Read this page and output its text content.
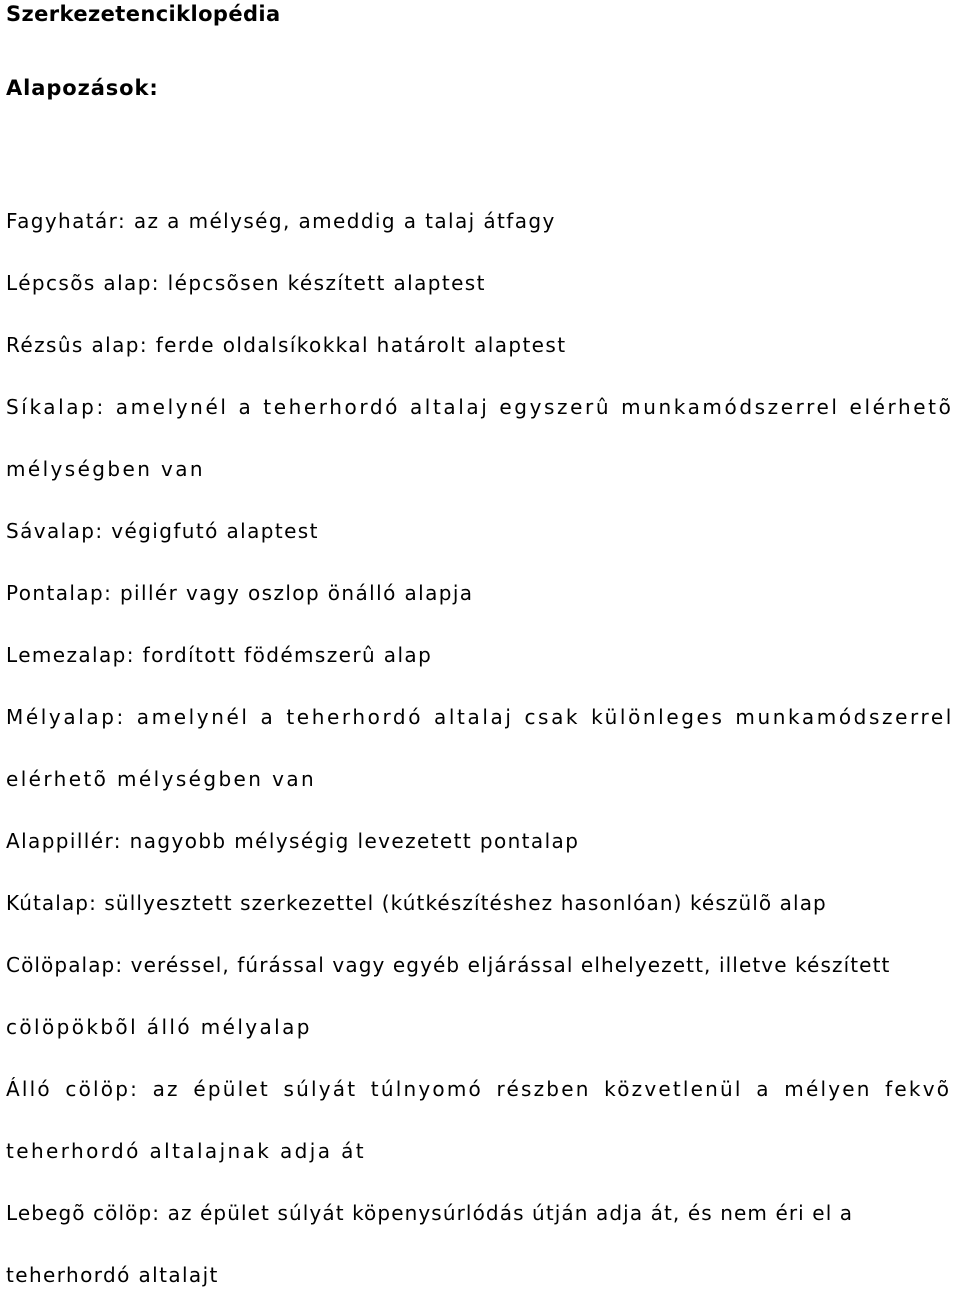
Szerkezetenciklopédia
Alapozások:
Fagyhatár: az a mélység, ameddig a talaj átfagy
Lépcsõs alap: lépcsõsen készített alaptest
Rézsûs alap: ferde oldalsíkokkal határolt alaptest
Síkalap: amelynél a teherhordó altalaj egyszerû munkamódszerrel elérhetõ
mélységben van
Sávalap: végigfutó alaptest
Pontalap: pillér vagy oszlop önálló alapja
Lemezalap: fordított födémszerû alap
Mélyalap: amelynél a teherhordó altalaj csak különleges munkamódszerrel
elérhetõ mélységben van
Alappillér: nagyobb mélységig levezetett pontalap
Kútalap: süllyesztett szerkezettel (kútkészítéshez hasonlóan) készülõ alap
Cölöpalap: veréssel, fúrással vagy egyéb eljárással elhelyezett, illetve készített
cölöpökbõl álló mélyalap
Álló cölöp: az épület súlyát túlnyomó részben közvetlenül a mélyen fekvõ
teherhordó altalajnak adja át
Lebegõ cölöp: az épület súlyát köpenysúrlódás útján adja át, és nem éri el a
teherhordó altalajt
